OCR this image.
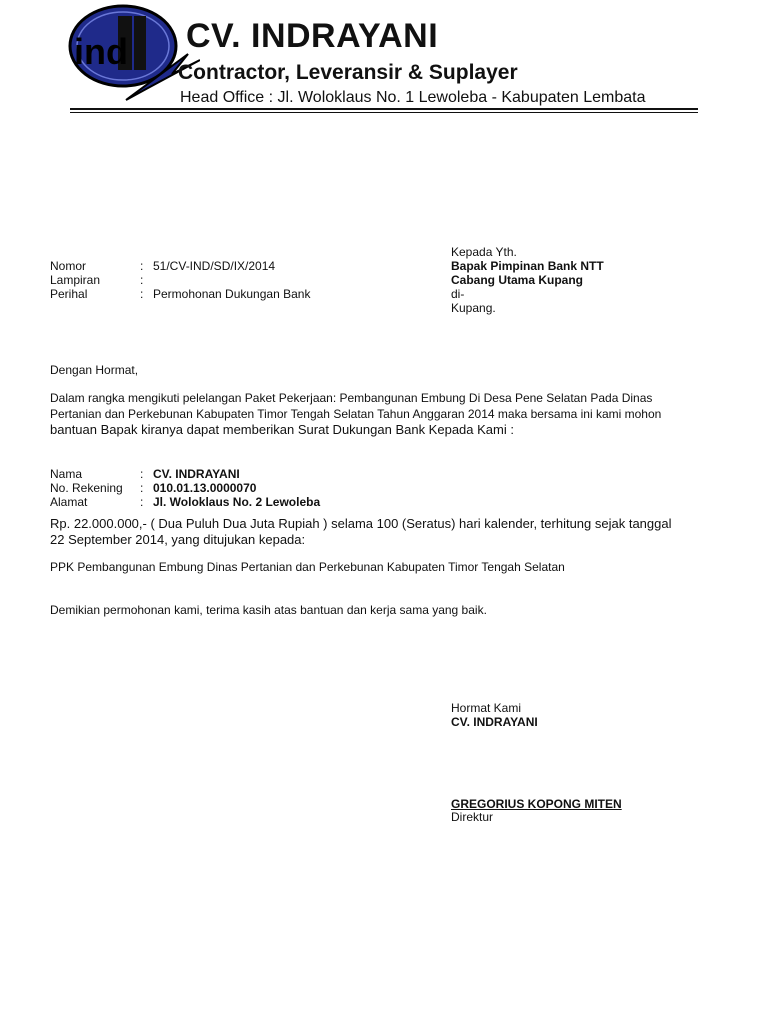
ind CV. INDRAYANI
Contractor, Leveransir & Suplayer
Head Office : Jl. Woloklaus No. 1 Lewoleba - Kabupaten Lembata
Kepada Yth.
Bapak Pimpinan Bank NTT
Cabang Utama Kupang
di-
Kupang.
Nomor	: 51/CV-IND/SD/IX/2014
Lampiran	:
Perihal	: Permohonan Dukungan Bank
Dengan Hormat,
Dalam rangka mengikuti pelelangan Paket Pekerjaan: Pembangunan Embung Di Desa Pene Selatan Pada Dinas
Pertanian dan Perkebunan Kabupaten Timor Tengah Selatan Tahun Anggaran 2014 maka bersama ini kami mohon
bantuan Bapak kiranya dapat memberikan Surat Dukungan Bank Kepada Kami :
Nama	: CV. INDRAYANI
No. Rekening : 010.01.13.0000070
Alamat	: Jl. Woloklaus No. 2 Lewoleba
Rp. 22.000.000,- ( Dua Puluh Dua Juta Rupiah ) selama 100 (Seratus) hari kalender, terhitung sejak tanggal
22 September 2014, yang ditujukan kepada:
PPK Pembangunan Embung Dinas Pertanian dan Perkebunan Kabupaten Timor Tengah Selatan
Demikian permohonan kami, terima kasih atas bantuan dan kerja sama yang baik.
Hormat Kami
CV. INDRAYANI
GREGORIUS KOPONG MITEN
Direktur
